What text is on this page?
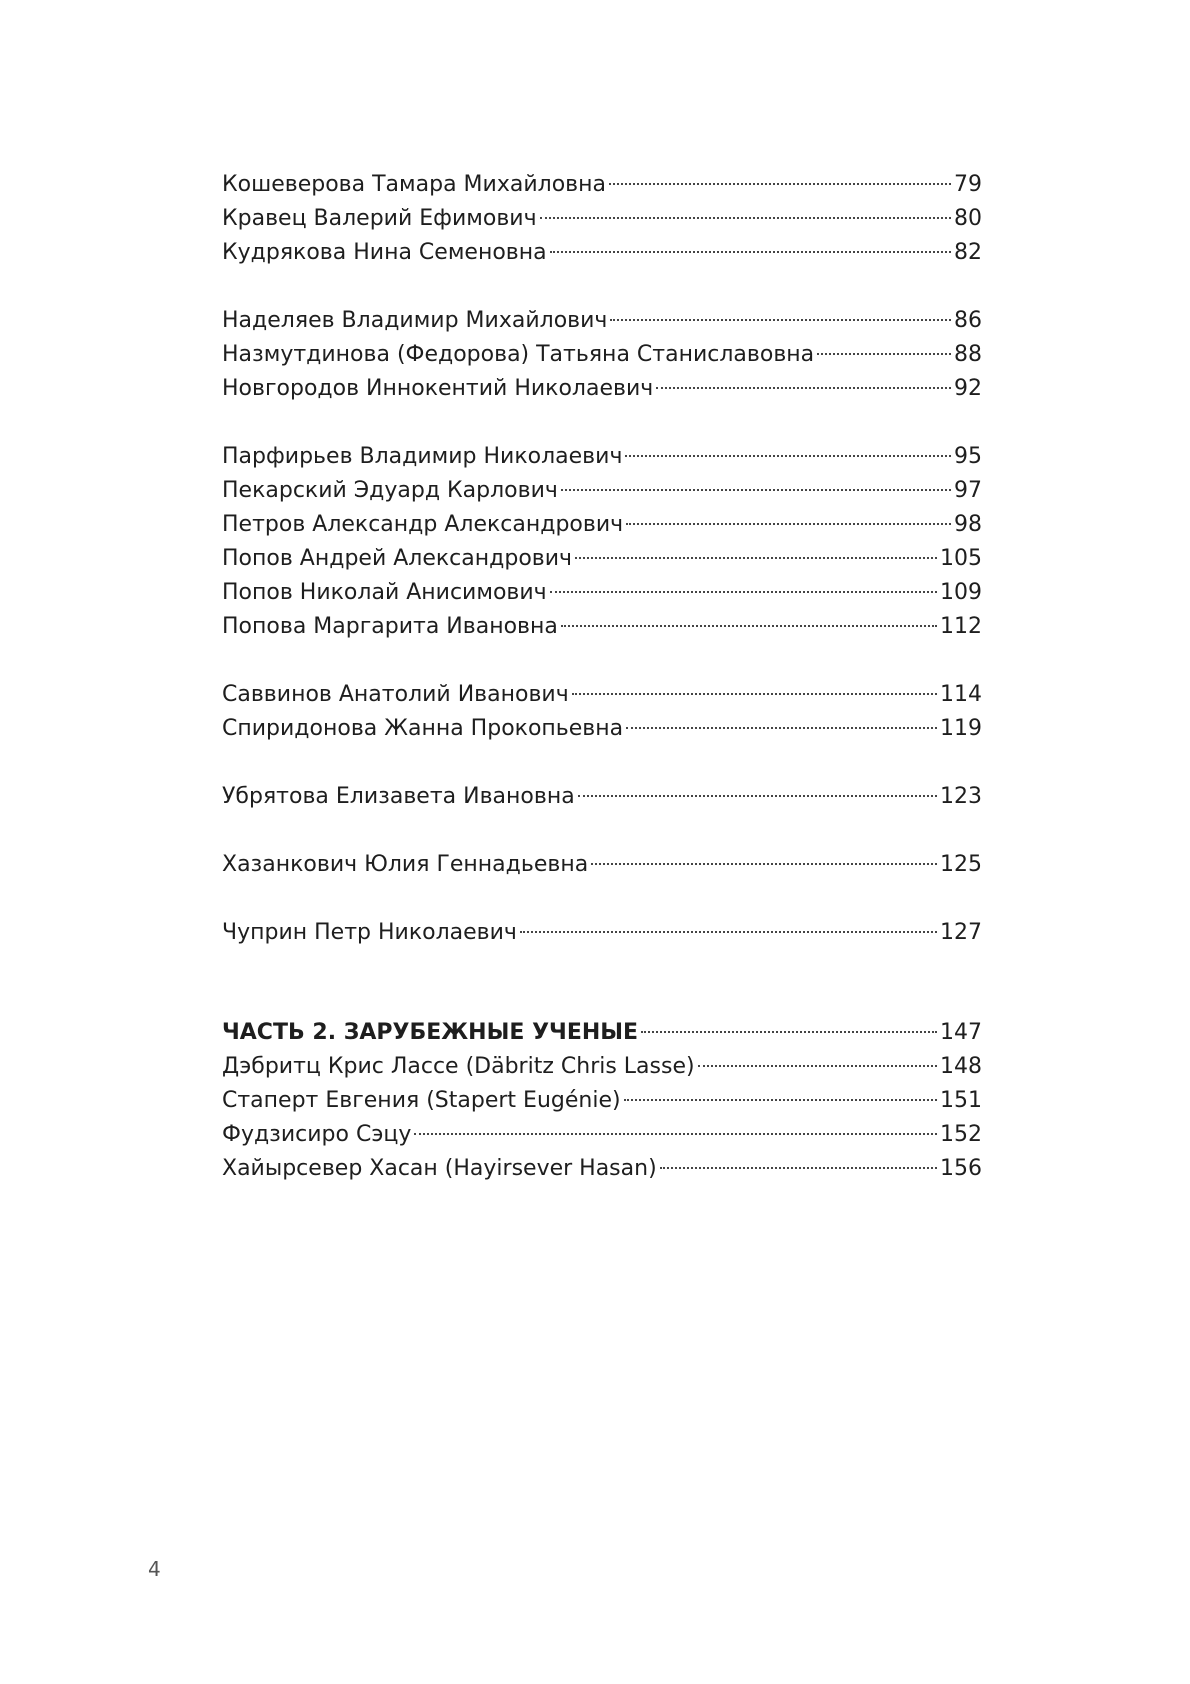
Кошеверова Тамара Михайловна	79
Кравец Валерий Ефимович	80
Кудрякова Нина Семеновна	82
Наделяев Владимир Михайлович	86
Назмутдинова (Федорова) Татьяна Станиславовна	88
Новгородов Иннокентий Николаевич	92
Парфирьев Владимир Николаевич	95
Пекарский Эдуард Карлович	97
Петров Александр Александрович	98
Попов Андрей Александрович	105
Попов Николай Анисимович	109
Попова Маргарита Ивановна	112
Саввинов Анатолий Иванович	114
Спиридонова Жанна Прокопьевна	119
Убрятова Елизавета Ивановна	123
Хазанкович Юлия Геннадьевна	125
Чуприн Петр Николаевич	127
ЧАСТЬ 2. ЗАРУБЕЖНЫЕ УЧЕНЫЕ	147
Дэбритц Крис Лассе (Däbritz Chris Lasse)	148
Стаперт Евгения (Stapert Eugénie)	151
Фудзисиро Сэцу	152
Хайырсевер Хасан (Hayirsever Hasan)	156
4
